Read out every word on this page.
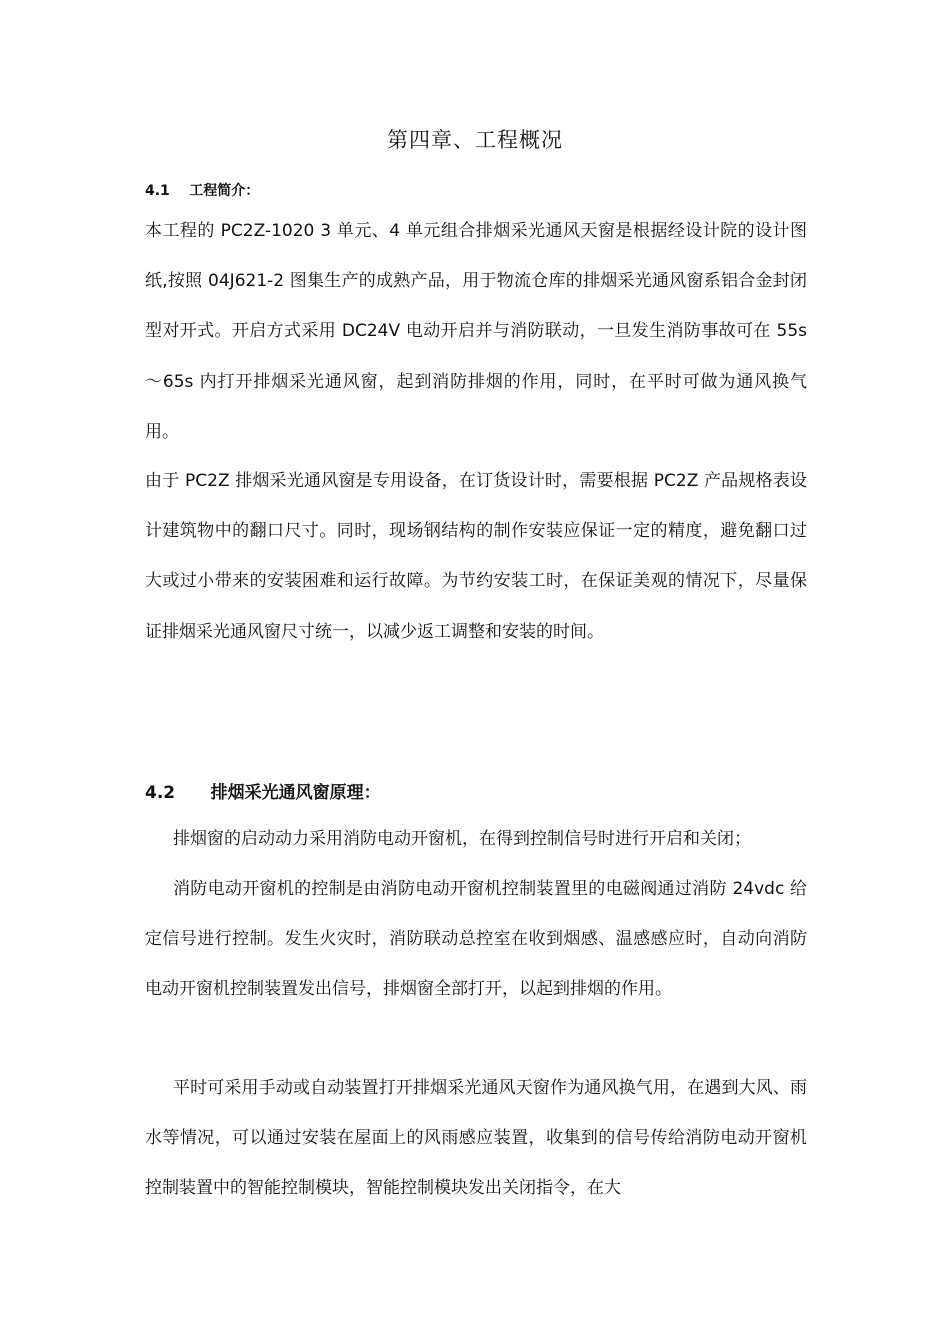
第四章、工程概况
4.1    工程简介：

本工程的 PC2Z-1020 3 单元、4 单元组合排烟采光通风天窗是根据经设计院的设计图纸,按照 04J621-2 图集生产的成熟产品，用于物流仓库的排烟采光通风窗系铝合金封闭型对开式。开启方式采用 DC24V 电动开启并与消防联动，一旦发生消防事故可在 55s～65s 内打开排烟采光通风窗，起到消防排烟的作用，同时，在平时可做为通风换气用。

由于 PC2Z 排烟采光通风窗是专用设备，在订货设计时，需要根据 PC2Z 产品规格表设计建筑物中的翻口尺寸。同时，现场钢结构的制作安装应保证一定的精度，避免翻口过大或过小带来的安装困难和运行故障。为节约安装工时，在保证美观的情况下，尽量保证排烟采光通风窗尺寸统一，以减少返工调整和安装的时间。

4.2      排烟采光通风窗原理：

排烟窗的启动动力采用消防电动开窗机，在得到控制信号时进行开启和关闭；

消防电动开窗机的控制是由消防电动开窗机控制装置里的电磁阀通过消防 24vdc 给定信号进行控制。发生火灾时，消防联动总控室在收到烟感、温感感应时，自动向消防电动开窗机控制装置发出信号，排烟窗全部打开，以起到排烟的作用。

平时可采用手动或自动装置打开排烟采光通风天窗作为通风换气用，在遇到大风、雨水等情况，可以通过安装在屋面上的风雨感应装置，收集到的信号传给消防电动开窗机控制装置中的智能控制模块，智能控制模块发出关闭指令，在大
